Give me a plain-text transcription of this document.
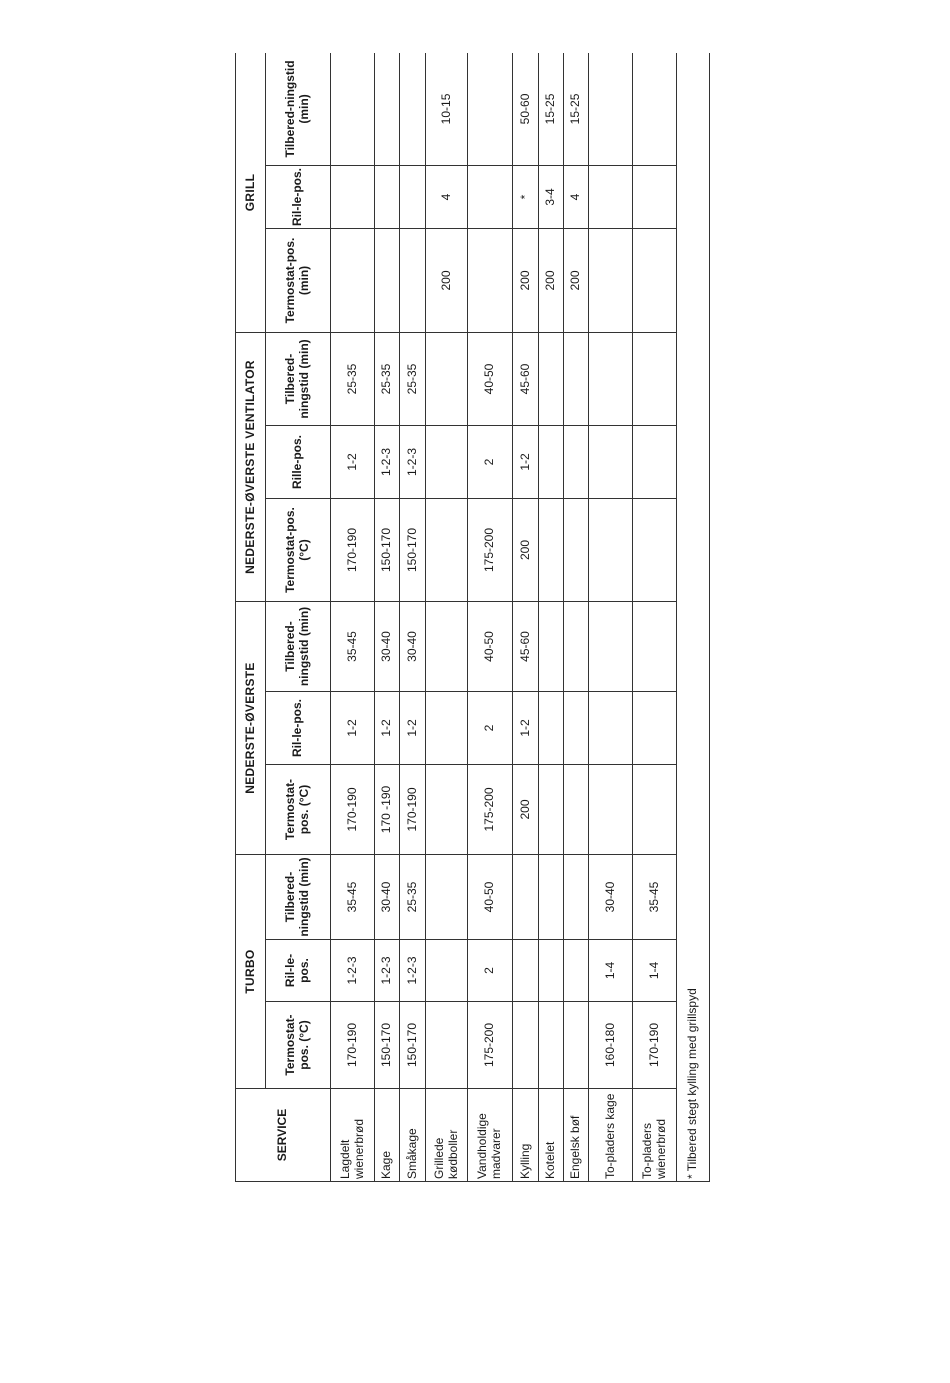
SERVICE	TURBO			NEDERSTE-ØVERSTE			NEDERSTE-ØVERSTE VENTILATOR			GRILL		
	Termostat-pos. (°C)	Ril-le-pos.	Tilbered-ningstid (min)	Termostat-pos. (°C)	Ril-le-pos.	Tilbered-ningstid (min)	Termostat-pos. (°C)	Rille-pos.	Tilbered-ningstid (min)	Termostat-pos. (min)	Ril-le-pos.	Tilbered-ningstid (min)
Lagdelt wienerbrød	170-190	1-2-3	35-45	170-190	1-2	35-45	170-190	1-2	25-35			
Kage	150-170	1-2-3	30-40	170 -190	1-2	30-40	150-170	1-2-3	25-35			
Småkage	150-170	1-2-3	25-35	170-190	1-2	30-40	150-170	1-2-3	25-35			
Grillede kødboller										200	4	10-15
Vandholdige madvarer	175-200	2	40-50	175-200	2	40-50	175-200	2	40-50			
Kylling				200	1-2	45-60	200	1-2	45-60	200	*	50-60
Kotelet										200	3-4	15-25
Engelsk bøf										200	4	15-25
To-pladers kage	160-180	1-4	30-40									
To-pladers wienerbrød	170-190	1-4	35-45									
* Tilbered stegt kylling med grillspyd												
